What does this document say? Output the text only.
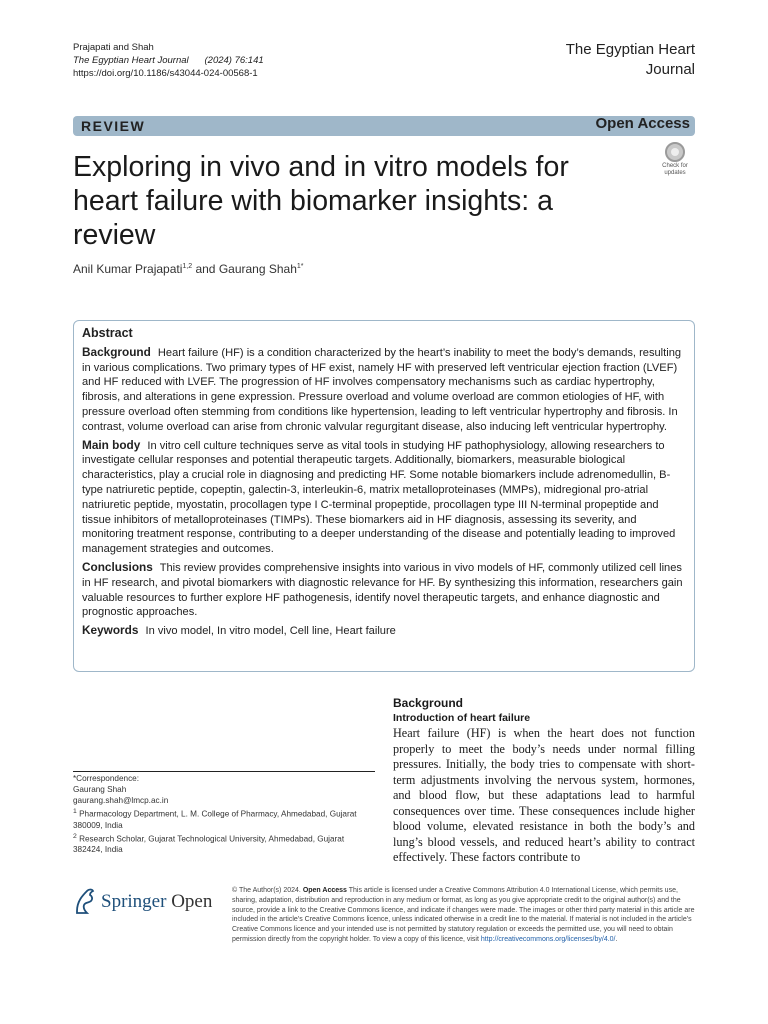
Prajapati and Shah
The Egyptian Heart Journal (2024) 76:141
https://doi.org/10.1186/s43044-024-00568-1
The Egyptian Heart
Journal
REVIEW	Open Access
Exploring in vivo and in vitro models for heart failure with biomarker insights: a review
Check for
updates
Anil Kumar Prajapati$^{1,2}$ and Gaurang Shah$^{1*}$
Abstract

Background Heart failure (HF) is a condition characterized by the heart’s inability to meet the body’s demands, resulting in various complications. Two primary types of HF exist, namely HF with preserved left ventricular ejection fraction (LVEF) and HF reduced with LVEF. The progression of HF involves compensatory mechanisms such as cardiac hypertrophy, fibrosis, and alterations in gene expression. Pressure overload and volume overload are common etiologies of HF, with pressure overload often stemming from conditions like hypertension, leading to left ventricular hypertrophy and fibrosis. In contrast, volume overload can arise from chronic valvular regurgitant disease, also inducing left ventricular hypertrophy.

Main body In vitro cell culture techniques serve as vital tools in studying HF pathophysiology, allowing researchers to investigate cellular responses and potential therapeutic targets. Additionally, biomarkers, measurable biological characteristics, play a crucial role in diagnosing and predicting HF. Some notable biomarkers include adrenomedullin, B-type natriuretic peptide, copeptin, galectin-3, interleukin-6, matrix metalloproteinases (MMPs), midregional pro-atrial natriuretic peptide, myostatin, procollagen type I C-terminal propeptide, procollagen type III N-terminal propeptide and tissue inhibitors of metalloproteinases (TIMPs). These biomarkers aid in HF diagnosis, assessing its severity, and monitoring treatment response, contributing to a deeper understanding of the disease and potentially leading to improved management strategies and outcomes.

Conclusions This review provides comprehensive insights into various in vivo models of HF, commonly utilized cell lines in HF research, and pivotal biomarkers with diagnostic relevance for HF. By synthesizing this information, researchers gain valuable resources to further explore HF pathogenesis, identify novel therapeutic targets, and enhance diagnostic and prognostic approaches.

Keywords In vivo model, In vitro model, Cell line, Heart failure

*Correspondence:
Gaurang Shah
gaurang.shah@lmcp.ac.in
$^1$ Pharmacology Department, L. M. College of Pharmacy, Ahmedabad, Gujarat 380009, India
$^2$ Research Scholar, Gujarat Technological University, Ahmedabad, Gujarat 382424, India
Background
Introduction of heart failure

Heart failure (HF) is when the heart does not function properly to meet the body’s needs under normal filling pressures. Initially, the body tries to compensate with short-term adjustments involving the nervous system, hormones, and blood flow, but these adaptations lead to harmful consequences over time. These consequences include higher blood volume, elevated resistance in both the body’s and lung’s blood vessels, and reduced heart’s ability to contract effectively. These factors contribute to

Springer Open
© The Author(s) 2024. Open Access This article is licensed under a Creative Commons Attribution 4.0 International License, which permits use, sharing, adaptation, distribution and reproduction in any medium or format, as long as you give appropriate credit to the original author(s) and the source, provide a link to the Creative Commons licence, and indicate if changes were made. The images or other third party material in this article are included in the article’s Creative Commons licence, unless indicated otherwise in a credit line to the material. If material is not included in the article’s Creative Commons licence and your intended use is not permitted by statutory regulation or exceeds the permitted use, you will need to obtain permission directly from the copyright holder. To view a copy of this licence, visit http://creativecommons.org/licenses/by/4.0/.
